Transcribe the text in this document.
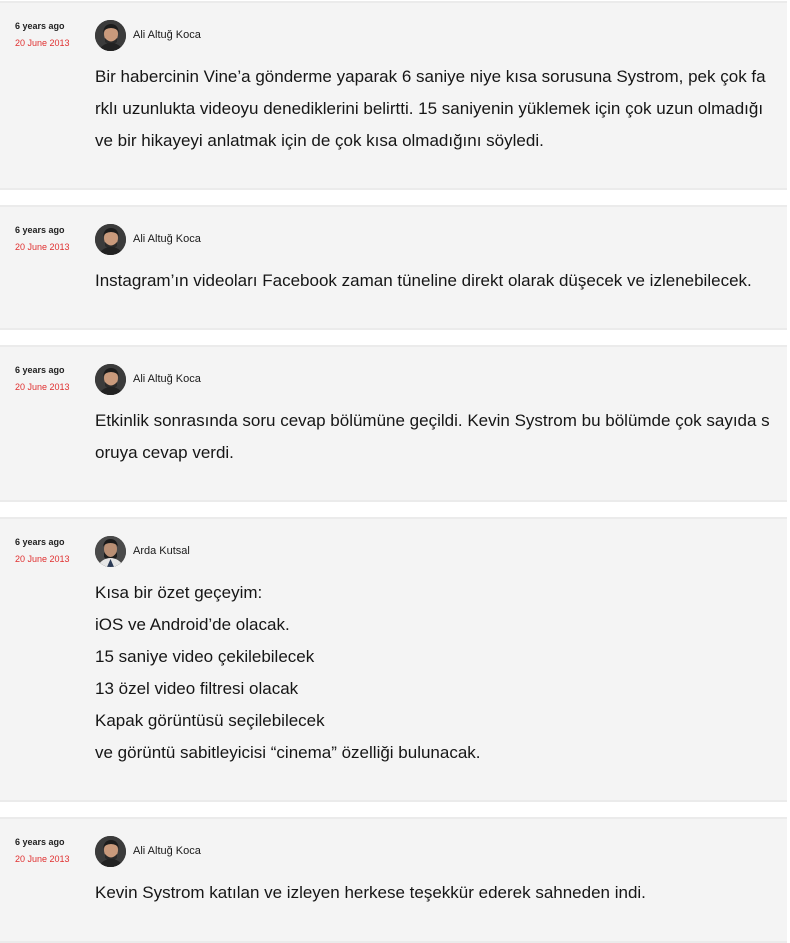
6 years ago
20 June 2013
Ali Altuğ Koca

Bir habercinin Vine’a gönderme yaparak 6 saniye niye kısa sorusuna Systrom, pek çok farklı uzunlukta videoyu denediklerini belirtti. 15 saniyenin yüklemek için çok uzun olmadığı ve bir hikayeyi anlatmak için de çok kısa olmadığını söyledi.

6 years ago
20 June 2013
Ali Altuğ Koca

Instagram’ın videoları Facebook zaman tüneline direkt olarak düşecek ve izlenebilecek.

6 years ago
20 June 2013
Ali Altuğ Koca

Etkinlik sonrasında soru cevap bölümüne geçildi. Kevin Systrom bu bölümde çok sayıda soruya cevap verdi.

6 years ago
20 June 2013
Arda Kutsal
Kısa bir özet geçeyim:
iOS ve Android’de olacak.
15 saniye video çekilebilecek
13 özel video filtresi olacak
Kapak görüntüsü seçilebilecek
ve görüntü sabitleyicisi “cinema” özelliği bulunacak.
6 years ago
20 June 2013
Ali Altuğ Koca

Kevin Systrom katılan ve izleyen herkese teşekkür ederek sahneden indi.
